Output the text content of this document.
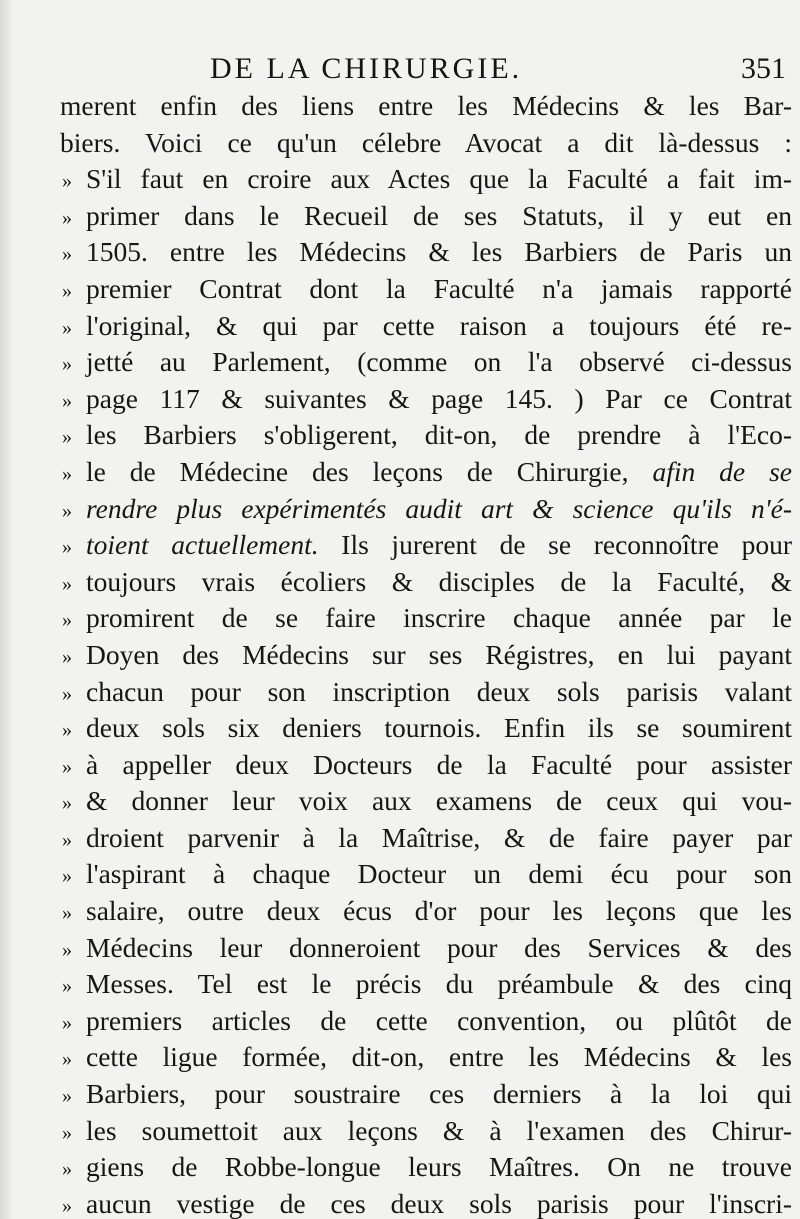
DE LA CHIRURGIE.	351
merent enfin des liens entre les Médecins & les Bar-
biers. Voici ce qu'un célebre Avocat a dit là-dessus :
» S'il faut en croire aux Actes que la Faculté a fait im-
» primer dans le Recueil de ses Statuts, il y eut en
» 1505. entre les Médecins & les Barbiers de Paris un
» premier Contrat dont la Faculté n'a jamais rapporté
» l'original, & qui par cette raison a toujours été re-
» jetté au Parlement, (comme on l'a observé ci-dessus
» page 117 & suivantes & page 145. ) Par ce Contrat
» les Barbiers s'obligerent, dit-on, de prendre à l'Eco-
» le de Médecine des leçons de Chirurgie, afin de se
» rendre plus expérimentés audit art & science qu'ils n'é-
» toient actuellement. Ils jurerent de se reconnoître pour
» toujours vrais écoliers & disciples de la Faculté, &
» promirent de se faire inscrire chaque année par le
» Doyen des Médecins sur ses Régistres, en lui payant
» chacun pour son inscription deux sols parisis valant
» deux sols six deniers tournois. Enfin ils se soumirent
» à appeller deux Docteurs de la Faculté pour assister
» & donner leur voix aux examens de ceux qui vou-
» droient parvenir à la Maîtrise, & de faire payer par
» l'aspirant à chaque Docteur un demi écu pour son
» salaire, outre deux écus d'or pour les leçons que les
» Médecins leur donneroient pour des Services & des
» Messes. Tel est le précis du préambule & des cinq
» premiers articles de cette convention, ou plûtôt de
» cette ligue formée, dit-on, entre les Médecins & les
» Barbiers, pour soustraire ces derniers à la loi qui
» les soumettoit aux leçons & à l'examen des Chirur-
» giens de Robbe-longue leurs Maîtres. On ne trouve
» aucun vestige de ces deux sols parisis pour l'inscri-
